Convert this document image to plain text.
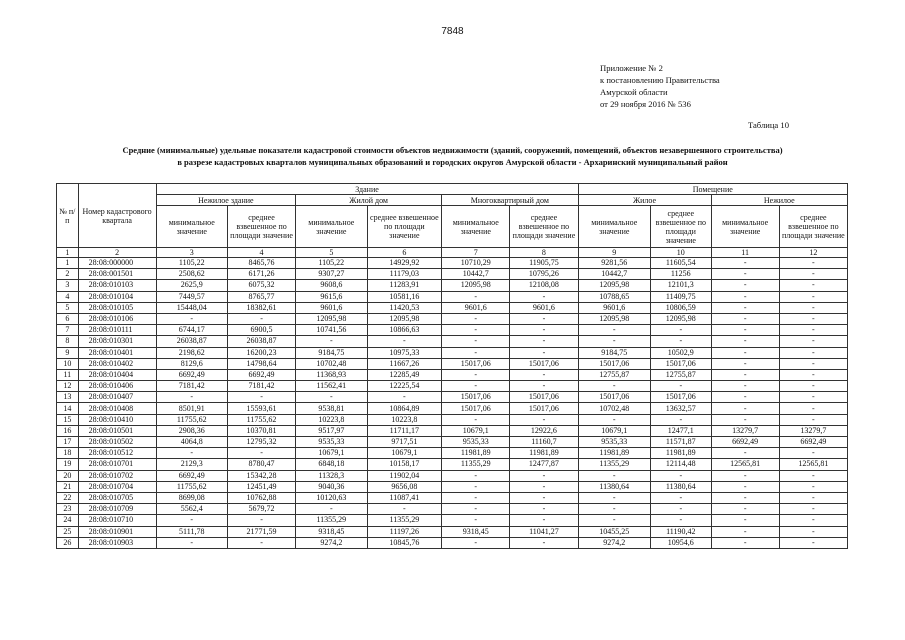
7848
Приложение № 2
к постановлению Правительства
Амурской области
от 29 ноября 2016 № 536
Таблица 10
Средние (минимальные) удельные показатели кадастровой стоимости объектов недвижимости (зданий, сооружений, помещений, объектов незавершенного строительства)
в разрезе кадастровых кварталов муниципальных образований и городских округов Амурской области - Архаринский муниципальный район
№ п/п	Номер кадастрового квартала	Здание						Помещение			
		Нежилое здание		Жилой дом		Многоквартирный дом		Жилое		Нежилое	
		минимальное значение	среднее взвешенное по площади значение	минимальное значение	среднее взвешенное по площади значение	минимальное значение	среднее взвешенное по площади значение	минимальное значение	среднее взвешенное по площади значение	минимальное значение	среднее взвешенное по площади значение
1	2	3	4	5	6	7	8	9	10	11	12
1	28:08:000000	1105,22	8465,76	1105,22	14929,92	10710,29	11905,75	9281,56	11605,54	-	-
2	28:08:001501	2508,62	6171,26	9307,27	11179,03	10442,7	10795,26	10442,7	11256	-	-
3	28:08:010103	2625,9	6075,32	9608,6	11283,91	12095,98	12108,08	12095,98	12101,3	-	-
4	28:08:010104	7449,57	8765,77	9615,6	10581,16	-	-	10788,65	11409,75	-	-
5	28:08:010105	15448,04	18382,61	9601,6	11420,53	9601,6	9601,6	9601,6	10806,59	-	-
6	28:08:010106	-	-	12095,98	12095,98	-	-	12095,98	12095,98	-	-
7	28:08:010111	6744,17	6900,5	10741,56	10866,63	-	-	-	-	-	-
8	28:08:010301	26038,87	26038,87	-	-	-	-	-	-	-	-
9	28:08:010401	2198,62	16200,23	9184,75	10975,33	-	-	9184,75	10502,9	-	-
10	28:08:010402	8129,6	14798,64	10702,48	11667,26	15017,06	15017,06	15017,06	15017,06	-	-
11	28:08:010404	6692,49	6692,49	11368,93	12285,49	-	-	12755,87	12755,87	-	-
12	28:08:010406	7181,42	7181,42	11562,41	12225,54	-	-	-	-	-	-
13	28:08:010407	-	-	-	-	15017,06	15017,06	15017,06	15017,06	-	-
14	28:08:010408	8501,91	15593,61	9538,81	10864,89	15017,06	15017,06	10702,48	13632,57	-	-
15	28:08:010410	11755,62	11755,62	10223,8	10223,8	-	-	-	-	-	-
16	28:08:010501	2908,36	10370,81	9517,97	11711,17	10679,1	12922,6	10679,1	12477,1	13279,7	13279,7
17	28:08:010502	4064,8	12795,32	9535,33	9717,51	9535,33	11160,7	9535,33	11571,87	6692,49	6692,49
18	28:08:010512	-	-	10679,1	10679,1	11981,89	11981,89	11981,89	11981,89	-	-
19	28:08:010701	2129,3	8780,47	6848,18	10158,17	11355,29	12477,87	11355,29	12114,48	12565,81	12565,81
20	28:08:010702	6692,49	15342,28	11328,3	11902,04	-	-	-	-	-	-
21	28:08:010704	11755,62	12451,49	9040,36	9656,08	-	-	11380,64	11380,64	-	-
22	28:08:010705	8699,08	10762,88	10120,63	11087,41	-	-	-	-	-	-
23	28:08:010709	5562,4	5679,72	-	-	-	-	-	-	-	-
24	28:08:010710	-	-	11355,29	11355,29	-	-	-	-	-	-
25	28:08:010901	5111,78	21771,59	9318,45	11197,26	9318,45	11041,27	10455,25	11190,42	-	-
26	28:08:010903	-	-	9274,2	10845,76	-	-	9274,2	10954,6	-	-
